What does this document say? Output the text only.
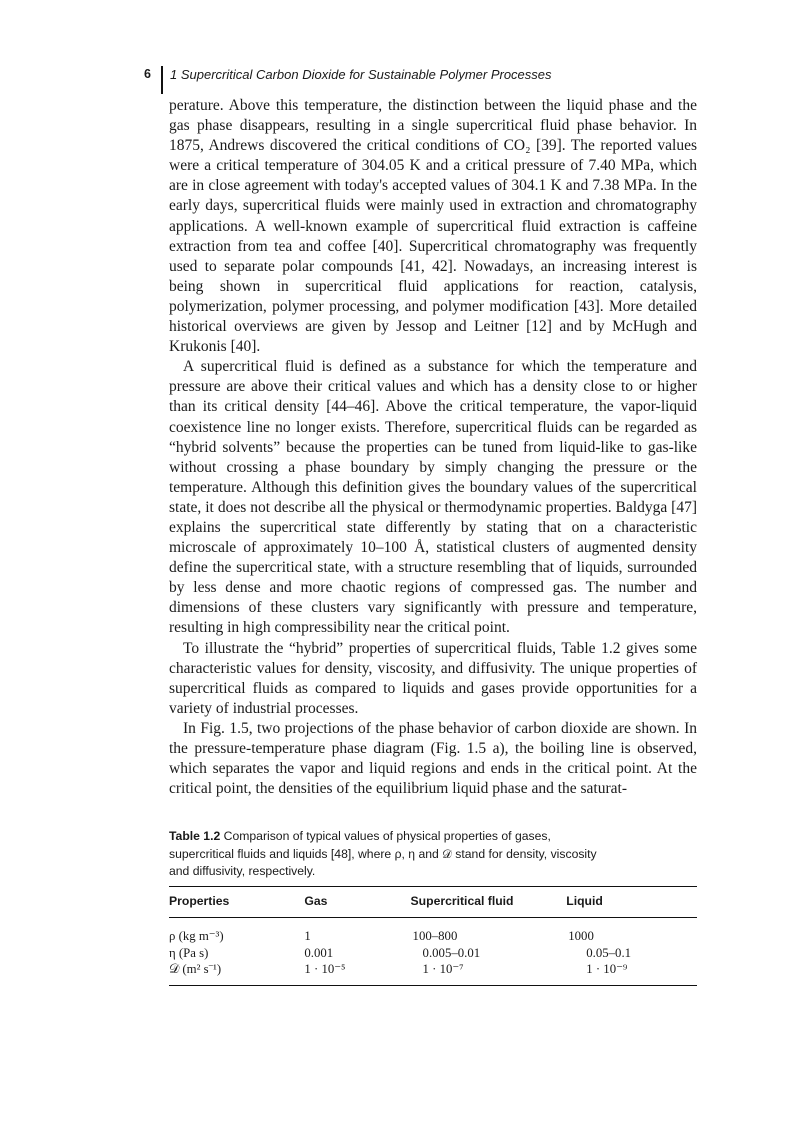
6 1 Supercritical Carbon Dioxide for Sustainable Polymer Processes

perature. Above this temperature, the distinction between the liquid phase and the gas phase disappears, resulting in a single supercritical fluid phase behavior. In 1875, Andrews discovered the critical conditions of CO₂ [39]. The reported values were a critical temperature of 304.05 K and a critical pressure of 7.40 MPa, which are in close agreement with today's accepted values of 304.1 K and 7.38 MPa. In the early days, supercritical fluids were mainly used in extraction and chromatography applications. A well-known example of supercritical fluid extraction is caffeine extraction from tea and coffee [40]. Supercritical chromatography was frequently used to separate polar compounds [41, 42]. Nowadays, an increasing interest is being shown in supercritical fluid applications for reaction, catalysis, polymerization, polymer processing, and polymer modification [43]. More detailed historical overviews are given by Jessop and Leitner [12] and by McHugh and Krukonis [40].

A supercritical fluid is defined as a substance for which the temperature and pressure are above their critical values and which has a density close to or higher than its critical density [44–46]. Above the critical temperature, the vapor-liquid coexistence line no longer exists. Therefore, supercritical fluids can be regarded as “hybrid solvents” because the properties can be tuned from liquid-like to gas-like without crossing a phase boundary by simply changing the pressure or the temperature. Although this definition gives the boundary values of the supercritical state, it does not describe all the physical or thermodynamic properties. Baldyga [47] explains the supercritical state differently by stating that on a characteristic microscale of approximately 10–100 Å, statistical clusters of augmented density define the supercritical state, with a structure resembling that of liquids, surrounded by less dense and more chaotic regions of compressed gas. The number and dimensions of these clusters vary significantly with pressure and temperature, resulting in high compressibility near the critical point.

To illustrate the “hybrid” properties of supercritical fluids, Table 1.2 gives some characteristic values for density, viscosity, and diffusivity. The unique properties of supercritical fluids as compared to liquids and gases provide opportunities for a variety of industrial processes.

In Fig. 1.5, two projections of the phase behavior of carbon dioxide are shown. In the pressure-temperature phase diagram (Fig. 1.5 a), the boiling line is observed, which separates the vapor and liquid regions and ends in the critical point. At the critical point, the densities of the equilibrium liquid phase and the saturat-

Table 1.2 Comparison of typical values of physical properties of gases, supercritical fluids and liquids [48], where ρ, η and 𝒟 stand for density, viscosity and diffusivity, respectively.
Properties	Gas	Supercritical fluid	Liquid
ρ (kg m⁻³)	1	100–800	1000
η (Pa s)	0.001	0.005–0.01	0.05–0.1
𝒟 (m² s⁻¹)	1 · 10⁻⁵	1 · 10⁻⁷	1 · 10⁻⁹
